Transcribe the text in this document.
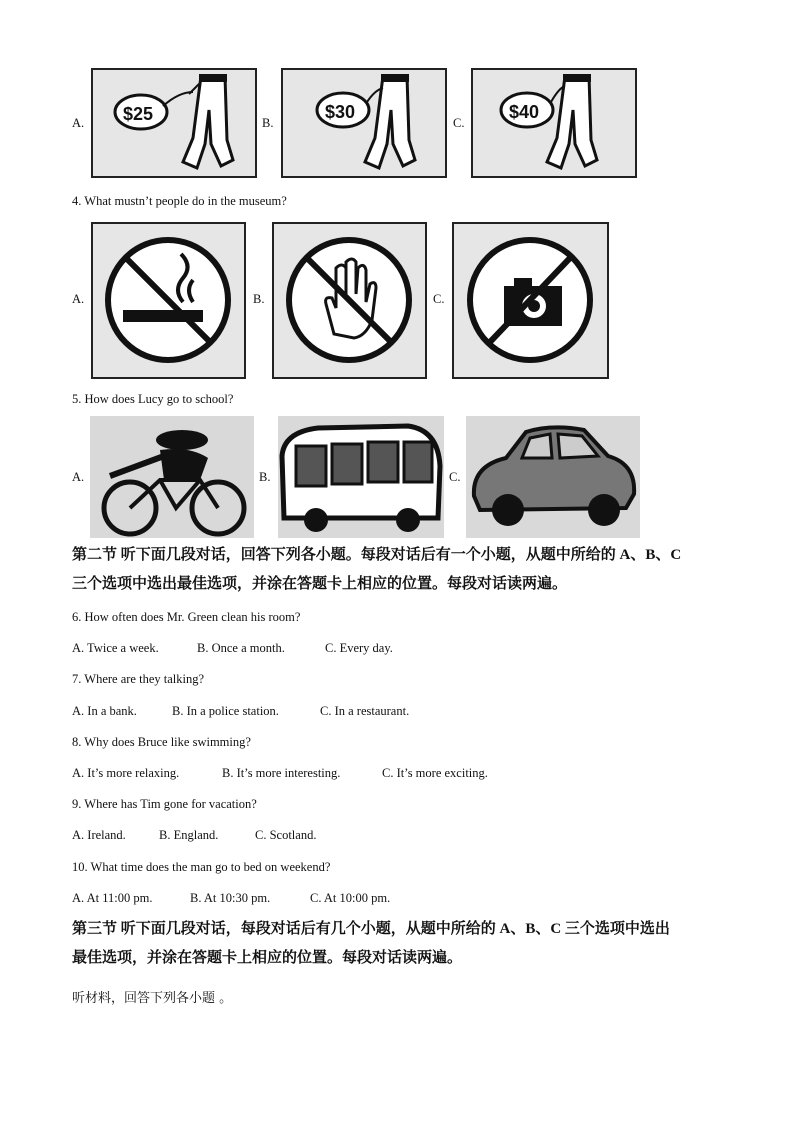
A. $25	B.
$30
C.
$40
4. What mustn’t people do in the museum?
A.	B.	C.
5. How does Lucy go to school?
A.	B.	C.
第二节 听下面几段对话，回答下列各小题。每段对话后有一个小题，从题中所给的 A、B、C
三个选项中选出最佳选项，并涂在答题卡上相应的位置。每段对话读两遍。
6. How often does Mr. Green clean his room?
A. Twice a week.	B. Once a month.	C. Every day.
7. Where are they talking?
A. In a bank.	B. In a police station.	C. In a restaurant.
8. Why does Bruce like swimming?
A. It’s more relaxing.	B. It’s more interesting.	C. It’s more exciting.
9. Where has Tim gone for vacation?
A. Ireland.	B. England.	C. Scotland.
10. What time does the man go to bed on weekend?
A. At 11:00 pm.	B. At 10:30 pm.	C. At 10:00 pm.
第三节 听下面几段对话，每段对话后有几个小题，从题中所给的 A、B、C 三个选项中选出
最佳选项，并涂在答题卡上相应的位置。每段对话读两遍。
听材料，回答下列各小题 。
